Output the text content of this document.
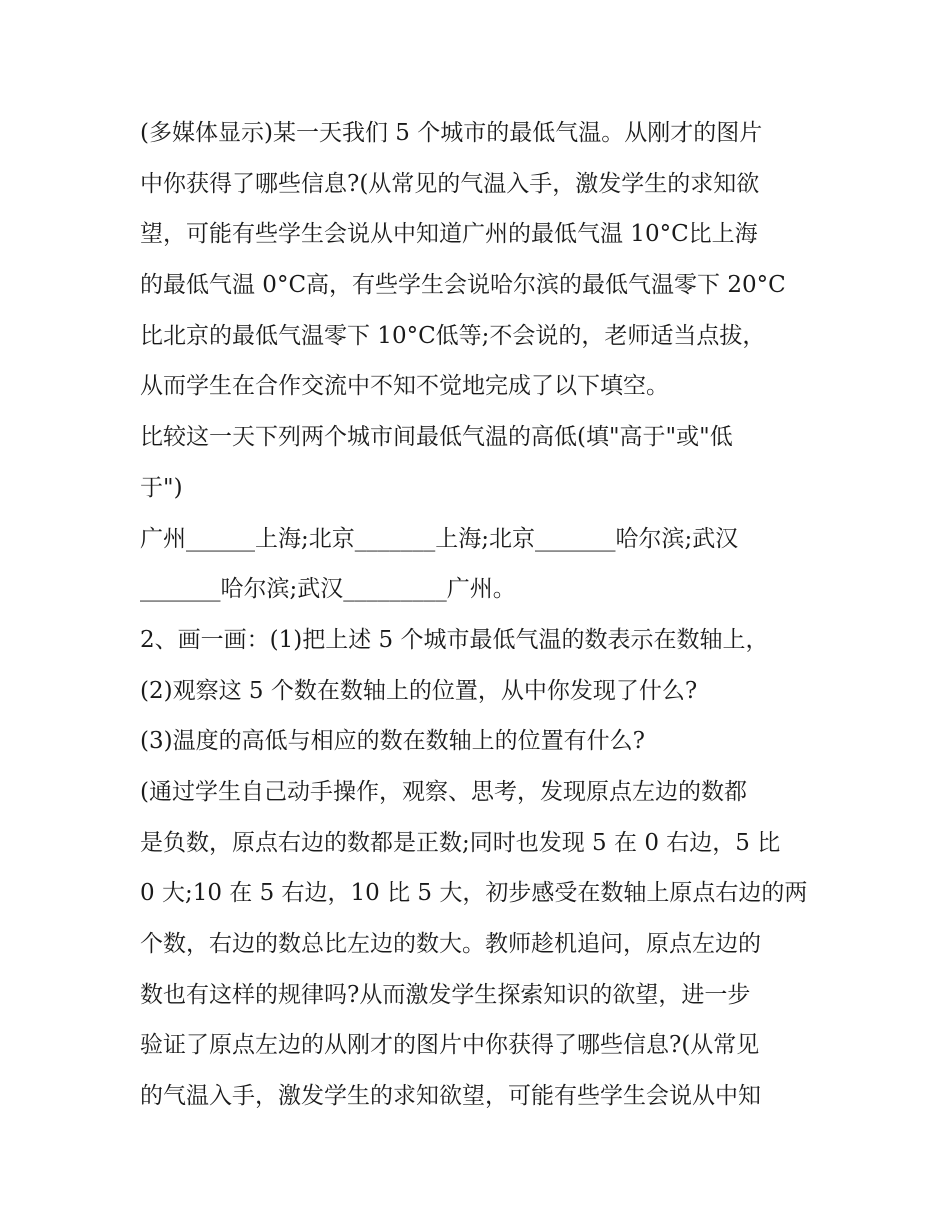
(多媒体显示)某一天我们 5 个城市的最低气温。从刚才的图片
中你获得了哪些信息?(从常见的气温入手，激发学生的求知欲
望，可能有些学生会说从中知道广州的最低气温 10°C比上海
的最低气温 0°C高，有些学生会说哈尔滨的最低气温零下 20°C
比北京的最低气温零下 10°C低等;不会说的，老师适当点拔，
从而学生在合作交流中不知不觉地完成了以下填空。
比较这一天下列两个城市间最低气温的高低(填"高于"或"低
于")
广州______上海;北京_______上海;北京_______哈尔滨;武汉
_______哈尔滨;武汉_________广州。
2、画一画：(1)把上述 5 个城市最低气温的数表示在数轴上，
(2)观察这 5 个数在数轴上的位置，从中你发现了什么?
(3)温度的高低与相应的数在数轴上的位置有什么?
(通过学生自己动手操作，观察、思考，发现原点左边的数都
是负数，原点右边的数都是正数;同时也发现 5 在 0 右边，5 比
0 大;10 在 5 右边，10 比 5 大，初步感受在数轴上原点右边的两
个数，右边的数总比左边的数大。教师趁机追问，原点左边的
数也有这样的规律吗?从而激发学生探索知识的欲望，进一步
验证了原点左边的从刚才的图片中你获得了哪些信息?(从常见
的气温入手，激发学生的求知欲望，可能有些学生会说从中知
